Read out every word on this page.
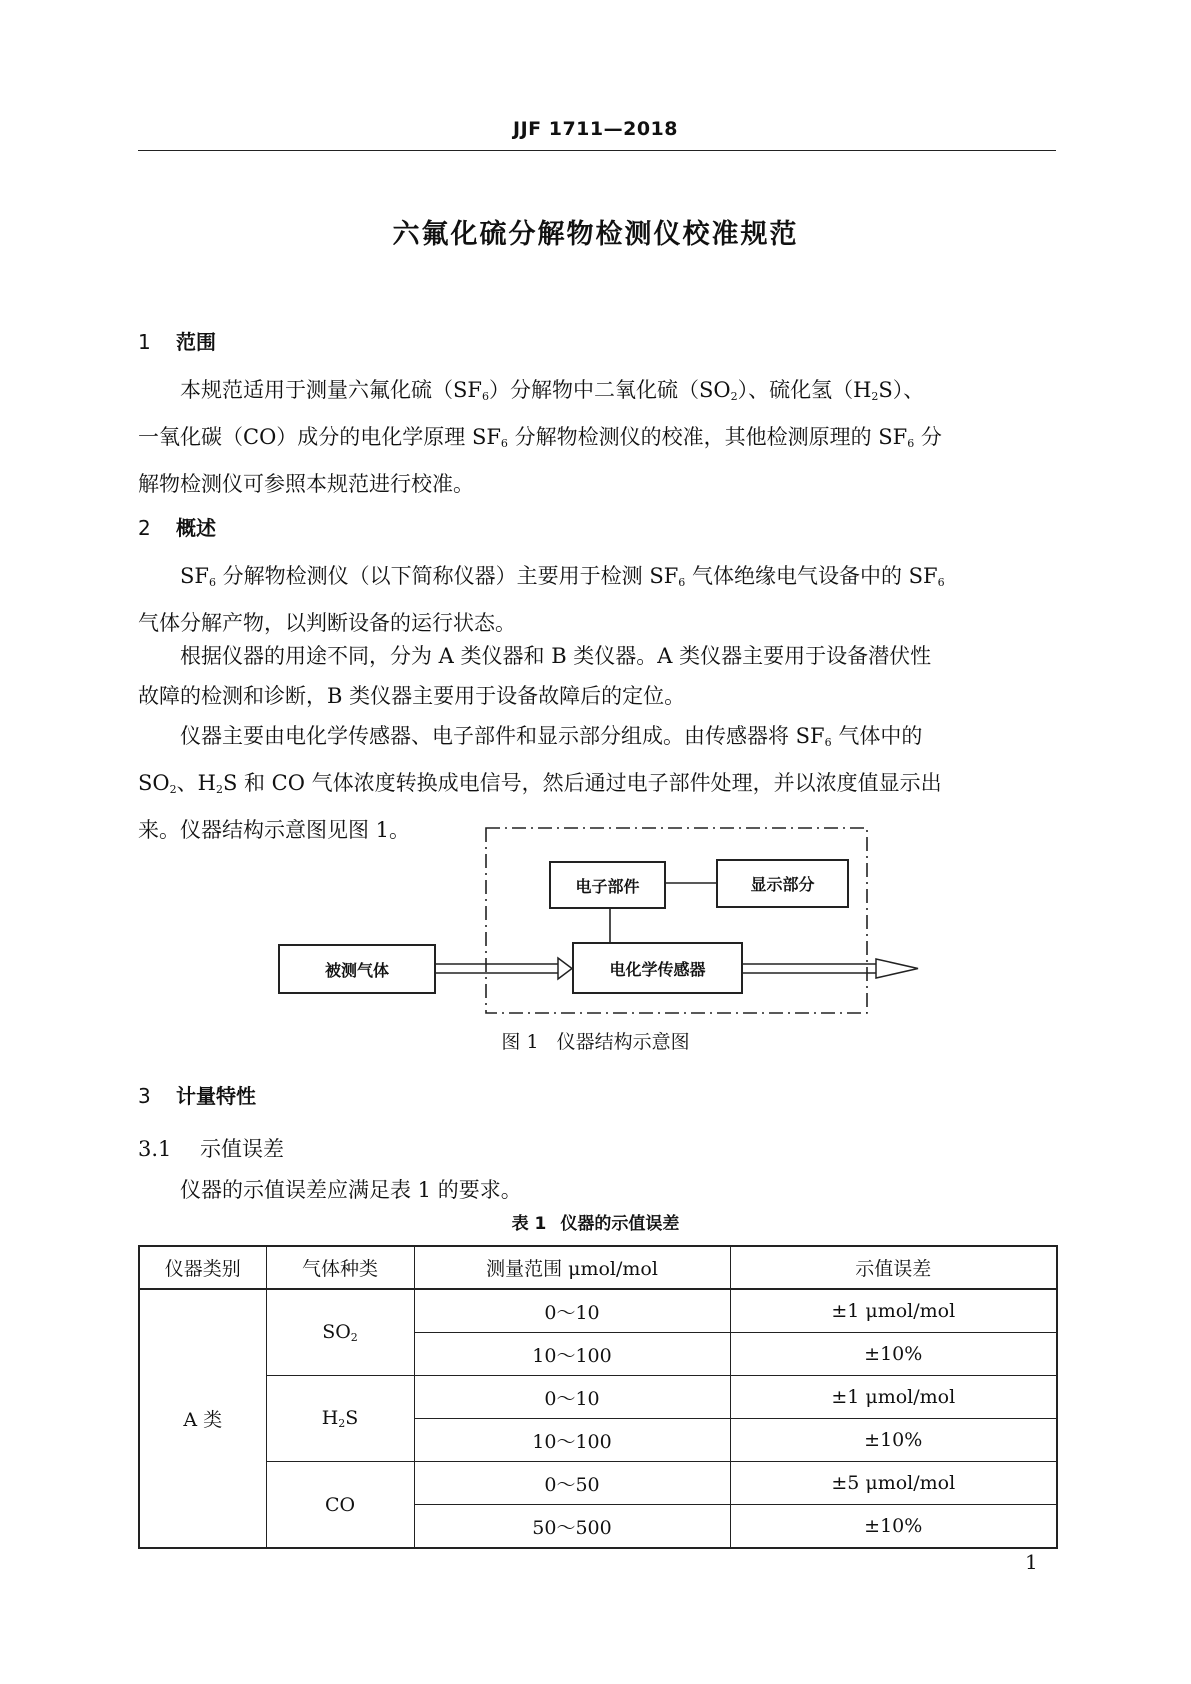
JJF 1711—2018
六氟化硫分解物检测仪校准规范
1 范围
本规范适用于测量六氟化硫$(SF_6)$分解物中二氧化硫$(SO_2)$、硫化氢$(H_2S)$、
一氧化碳（CO）成分的电化学原理 $SF_6$ 分解物检测仪的校准，其他检测原理的 $SF_6$ 分
解物检测仪可参照本规范进行校准。
2 概述
$SF_6$ 分解物检测仪（以下简称仪器）主要用于检测 $SF_6$ 气体绝缘电气设备中的 $SF_6$
气体分解产物，以判断设备的运行状态。
根据仪器的用途不同，分为 A 类仪器和 B 类仪器。A 类仪器主要用于设备潜伏性
故障的检测和诊断，B 类仪器主要用于设备故障后的定位。
仪器主要由电化学传感器、电子部件和显示部分组成。由传感器将 $SF_6$ 气体中的
$SO_2$、$H_2S$ 和 CO 气体浓度转换成电信号，然后通过电子部件处理，并以浓度值显示出
来。仪器结构示意图见图 1。
被测气体	电化学传感器
电子部件	显示部分
图 1 仪器结构示意图
3 计量特性
3.1 示值误差
仪器的示值误差应满足表 1 的要求。
表 1 仪器的示值误差
仪器类别	气体种类	测量范围 μmol/mol	示值误差
A 类	$SO_2$	0～10	±1 μmol/mol
		10～100	±10%
	$H_2S$	0～10	±1 μmol/mol
		10～100	±10%
	CO	0～50	±5 μmol/mol
		50～500	±10%
1
